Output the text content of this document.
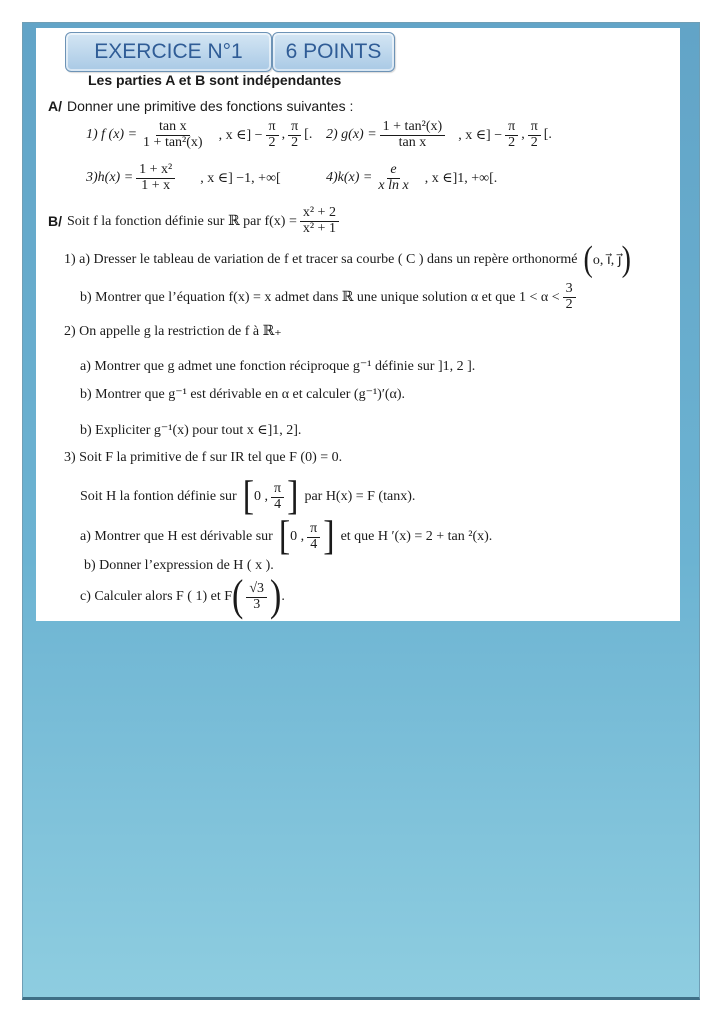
EXERCICE N°1	6 POINTS
Les parties A et B sont indépendantes
A/ Donner une primitive des fonctions suivantes :
1) f $(x) = \frac{\text{tan x}}{\text{1 + tan²(x)}}$ , x ∈] − $\frac{\pi}{2}$ , $\frac{\pi}{2}$ [. 2) $g(x) = \frac{\text{1 + tan²(x)}}{\text{tan x}}$ , x ∈] − $\frac{\pi}{2}$ , $\frac{\pi}{2}$ [.
$3)h(x) = \frac{\text{1 + x²}}{1 + x}$ , x ∈] −1, +∞[	$4)k(x) = \frac{e}{\text{x ln x}}$ , x ∈]1, +∞[.
B/ Soit f la fonction définie sur ℝ par $f(x) = \frac{\text{x² + 2}}{\text{x² + 1}}$
1) a) Dresser le tableau de variation de f et tracer sa courbe ( C ) dans un repère orthonormé ( o, i⃗, j⃗ )
b) Montrer que l’équation f(x) = x admet dans ℝ une unique solution α et que $1 < \alpha < \frac{3}{2}$
2) On appelle g la restriction de f à ℝ₊
a) Montrer que g admet une fonction réciproque g⁻¹ définie sur ]1, 2 ].
b) Montrer que g⁻¹ est dérivable en α et calculer (g⁻¹)′(α).
b) Expliciter g⁻¹(x) pour tout x ∈]1, 2].
3) Soit F la primitive de f sur IR tel que F (0) = 0.
Soit H la fontion définie sur [ 0 , $\frac{\pi}{4}$ ] par H(x) = F (tanx).
a) Montrer que H est dérivable sur [ 0 , $\frac{\pi}{4}$ ] et que H ′(x) = 2 + tan ²(x).
b) Donner l’expression de H ( x ).
c) Calculer alors F ( 1) et F ( $\frac{√3}{3}$ ) .
